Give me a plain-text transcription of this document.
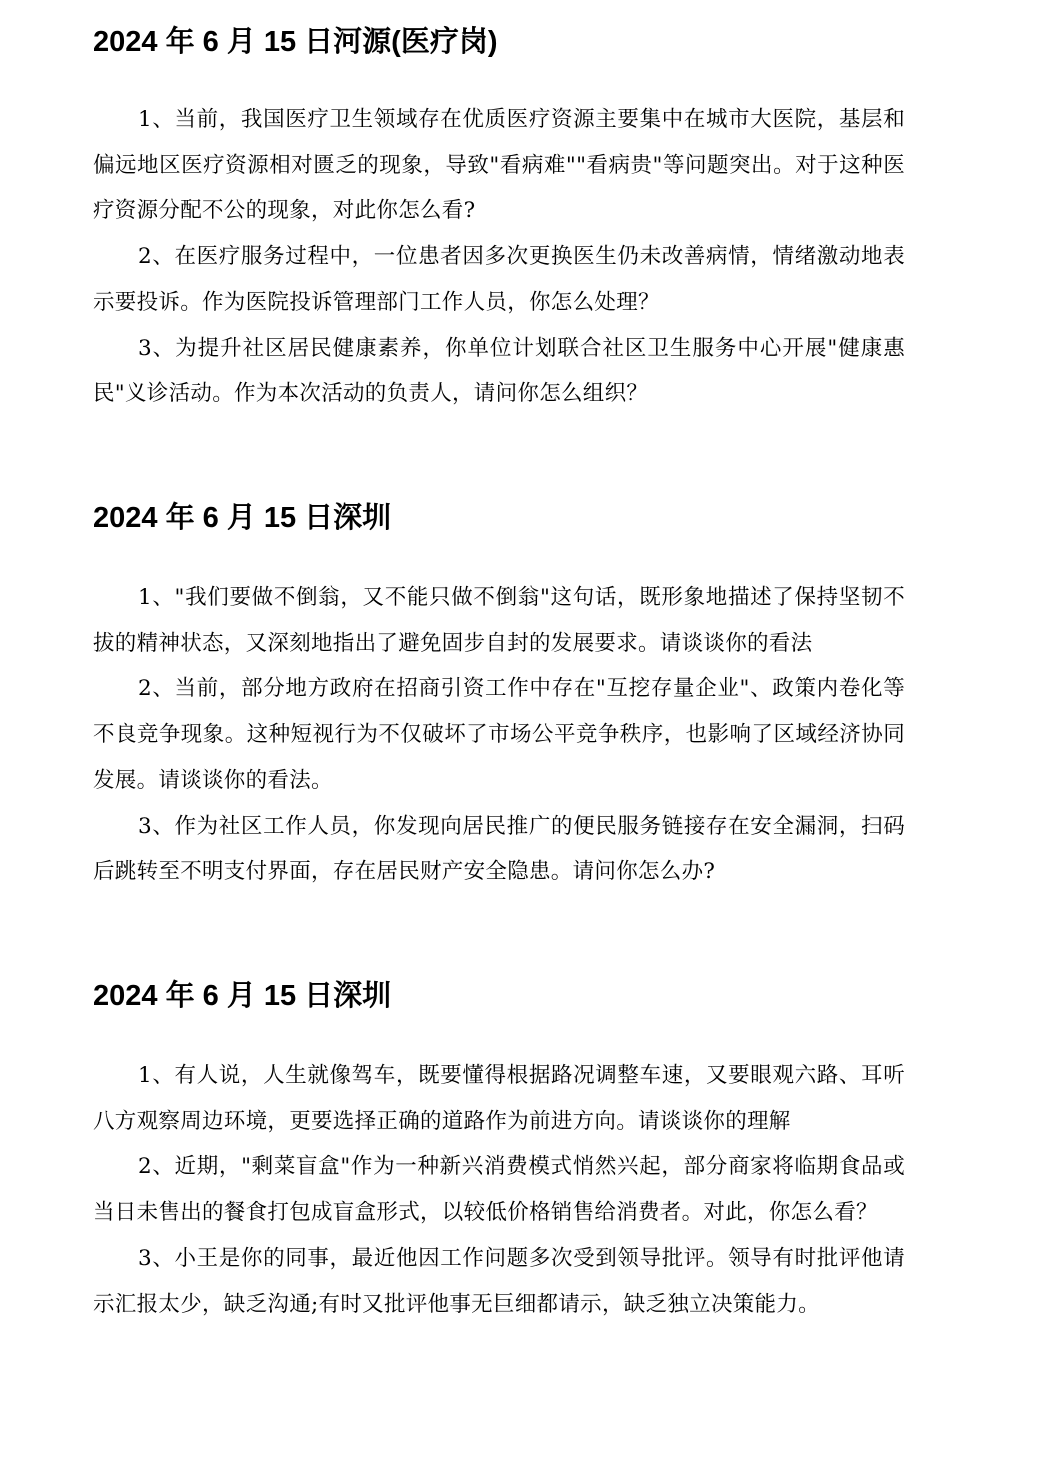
2024 年 6 月 15 日河源(医疗岗)

1、当前，我国医疗卫生领域存在优质医疗资源主要集中在城市大医院，基层和偏远地区医疗资源相对匮乏的现象，导致"看病难""看病贵"等问题突出。对于这种医疗资源分配不公的现象，对此你怎么看?

2、在医疗服务过程中，一位患者因多次更换医生仍未改善病情，情绪激动地表示要投诉。作为医院投诉管理部门工作人员，你怎么处理？

3、为提升社区居民健康素养，你单位计划联合社区卫生服务中心开展"健康惠民"义诊活动。作为本次活动的负责人，请问你怎么组织？

2024 年 6 月 15 日深圳

1、"我们要做不倒翁，又不能只做不倒翁"这句话，既形象地描述了保持坚韧不拔的精神状态，又深刻地指出了避免固步自封的发展要求。请谈谈你的看法

2、当前，部分地方政府在招商引资工作中存在"互挖存量企业"、政策内卷化等不良竞争现象。这种短视行为不仅破坏了市场公平竞争秩序，也影响了区域经济协同发展。请谈谈你的看法。

3、作为社区工作人员，你发现向居民推广的便民服务链接存在安全漏洞，扫码后跳转至不明支付界面，存在居民财产安全隐患。请问你怎么办?

2024 年 6 月 15 日深圳

1、有人说，人生就像驾车，既要懂得根据路况调整车速，又要眼观六路、耳听八方观察周边环境，更要选择正确的道路作为前进方向。请谈谈你的理解

2、近期，"剩菜盲盒"作为一种新兴消费模式悄然兴起，部分商家将临期食品或当日未售出的餐食打包成盲盒形式，以较低价格销售给消费者。对此，你怎么看？

3、小王是你的同事，最近他因工作问题多次受到领导批评。领导有时批评他请示汇报太少，缺乏沟通;有时又批评他事无巨细都请示，缺乏独立决策能力。
